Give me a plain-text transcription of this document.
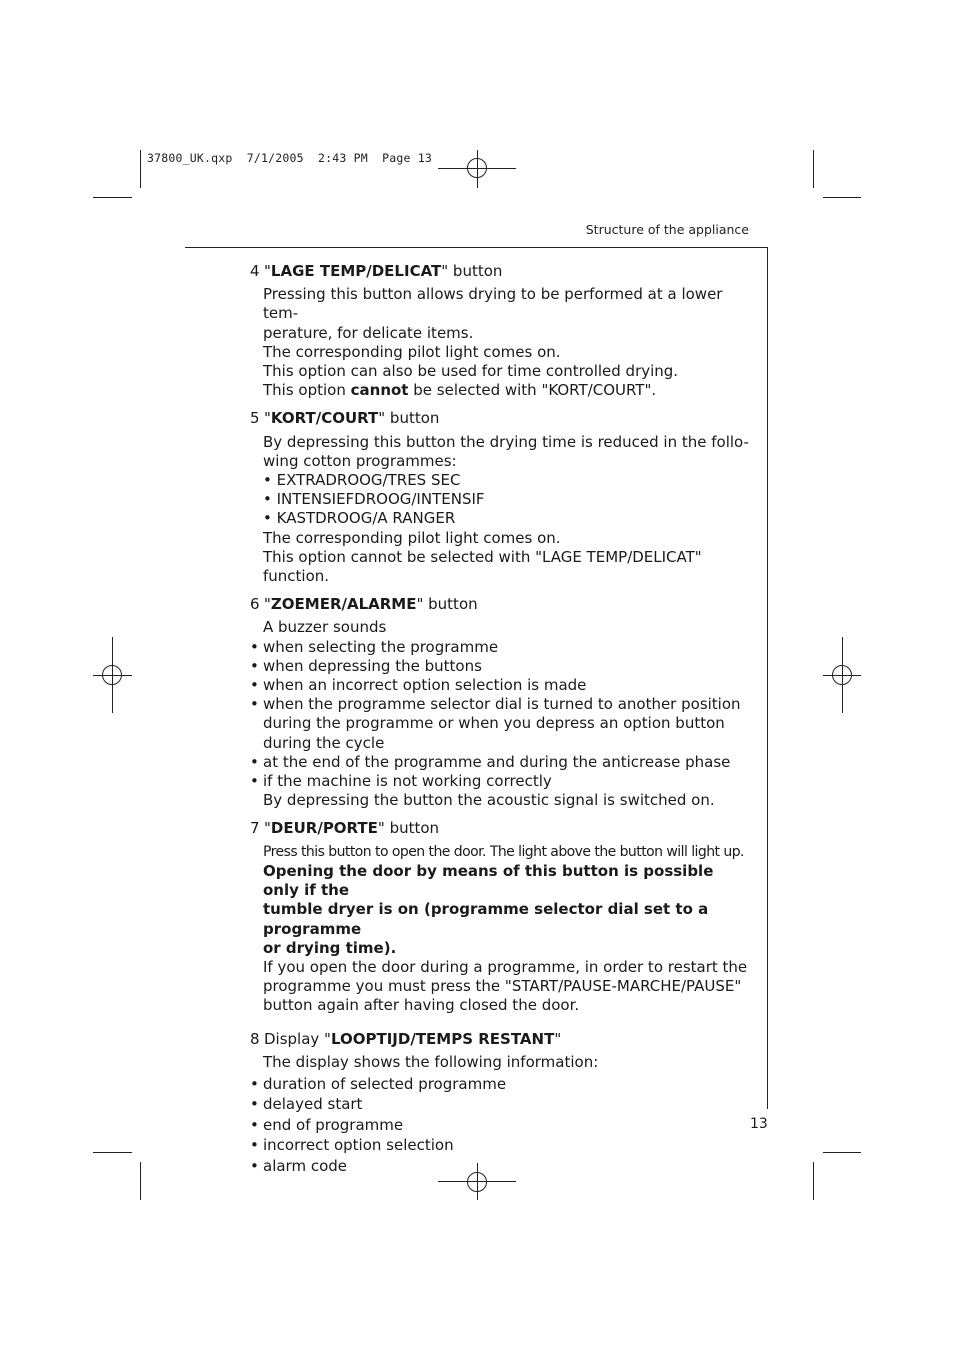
37800_UK.qxp  7/1/2005  2:43 PM  Page 13
Structure of the appliance

4 "LAGE TEMP/DELICAT" button

Pressing this button allows drying to be performed at a lower tem-

perature, for delicate items.

The corresponding pilot light comes on.

This option can also be used for time controlled drying.

This option cannot be selected with "KORT/COURT".

5 "KORT/COURT" button

By depressing this button the drying time is reduced in the follo-

wing cotton programmes:

• EXTRADROOG/TRES SEC

• INTENSIEFDROOG/INTENSIF

• KASTDROOG/A RANGER

The corresponding pilot light comes on.

This option cannot be selected with "LAGE TEMP/DELICAT" function.

6 "ZOEMER/ALARME" button

A buzzer sounds

• when selecting the programme
• when depressing the buttons
• when an incorrect option selection is made
• when the programme selector dial is turned to another position
during the programme or when you depress an option button
during the cycle
• at the end of the programme and during the anticrease phase
• if the machine is not working correctly

By depressing the button the acoustic signal is switched on.

7 "DEUR/PORTE" button

Press this button to open the door. The light above the button will light up.

Opening the door by means of this button is possible only if the

tumble dryer is on (programme selector dial set to a programme

or drying time).

If you open the door during a programme, in order to restart the

programme you must press the "START/PAUSE-MARCHE/PAUSE"

button again after having closed the door.

8 Display "LOOPTIJD/TEMPS RESTANT"

The display shows the following information:

• duration of selected programme
• delayed start
• end of programme
• incorrect option selection
• alarm code
13
